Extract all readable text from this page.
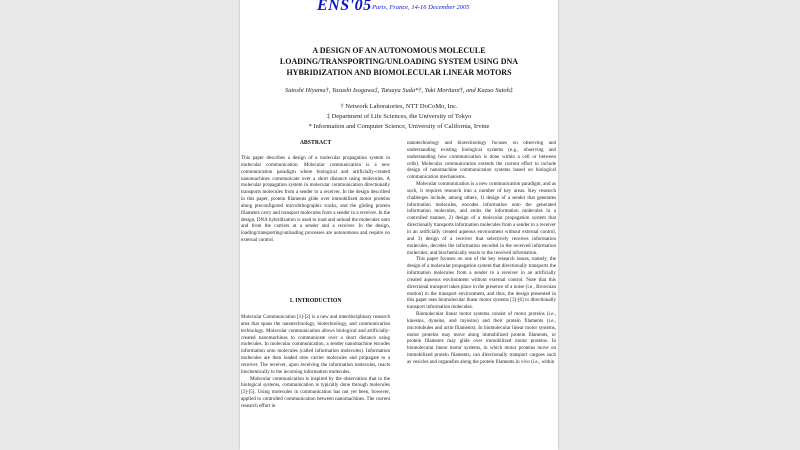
ENS'05 Paris, France, 14-16 December 2005
A DESIGN OF AN AUTONOMOUS MOLECULE
LOADING/TRANSPORTING/UNLOADING SYSTEM USING DNA
HYBRIDIZATION AND BIOMOLECULAR LINEAR MOTORS
Satoshi Hiyama†, Yasushi Isogawa‡, Tatsuya Suda*†, Yuki Moritani†, and Kazuo Sutoh‡
† Network Laboratories, NTT DoCoMo, Inc.
‡ Department of Life Sciences, the University of Tokyo
* Information and Computer Science, University of California, Irvine
ABSTRACT

This paper describes a design of a molecular propagation system in molecular communication. Molecular communication is a new communication paradigm where biological and artificially-created nanomachines communicate over a short distance using molecules. A molecular propagation system in molecular communication directionally transports molecules from a sender to a receiver. In the design described in this paper, protein filaments glide over immobilized motor proteins along preconfigured microlithographic tracks, and the gliding protein filaments carry and transport molecules from a sender to a receiver. In the design, DNA hybridization is used to load and unload the molecules onto and from the carriers at a sender and a receiver. In the design, loading/transporting/unloading processes are autonomous and require no external control.

1. INTRODUCTION

Molecular Communication [1]-[2] is a new and interdisciplinary research area that spans the nanotechnology, biotechnology, and communication technology. Molecular communication allows biological and artificially-created nanomachines to communicate over a short distance using molecules. In molecular communication, a sender nanomachine encodes information onto molecules (called information molecules). Information molecules are then loaded onto carrier molecules and propagate to a receiver. The receiver, upon receiving the information molecules, reacts biochemically to the incoming information molecules.

Molecular communication is inspired by the observation that in the biological systems, communication is typically done through molecules [3]-[5]. Using molecules in communication has not yet been, however, applied to controlled communication between nanomachines. The current research effort in

nanotechnology and biotechnology focuses on observing and understanding existing biological systems (e.g., observing and understanding how communication is done within a cell or between cells). Molecular communication extends the current effort to include design of nanomachine communication systems based on biological communication mechanisms.

Molecular communication is a new communication paradigm, and as such, it requires research into a number of key areas. Key research challenges include, among others, 1) design of a sender that generates information molecules, encodes information onto the generated information molecules, and emits the information molecules in a controlled manner, 2) design of a molecular propagation system that directionally transports information molecules from a sender to a receiver in an artificially created aqueous environment without external control, and 3) design of a receiver that selectively receives information molecules, decodes the information encoded in the received information molecules, and biochemically reacts to the received information.

This paper focuses on one of the key research issues, namely, the design of a molecular propagation system that directionally transports the information molecules from a sender to a receiver in an artificially created aqueous environment without external control. Note that this directional transport takes place in the presence of a noise (i.e., Brownian motion) in the transport environment, and thus, the design presented in this paper uses biomolecular linear motor systems [3]-[6] to directionally transport information molecules.

Biomolecular linear motor systems consist of motor proteins (i.e., kinesins, dyneins, and myosins) and their protein filaments (i.e., microtubules and actin filaments). In biomolecular linear motor systems, motor proteins may move along immobilized protein filaments, or protein filaments may glide over immobilized motor proteins. In biomolecular linear motor systems, in which motor proteins move on immobilized protein filaments, can directionally transport cargoes such as vesicles and organelles along the protein filaments in vivo (i.e., within
